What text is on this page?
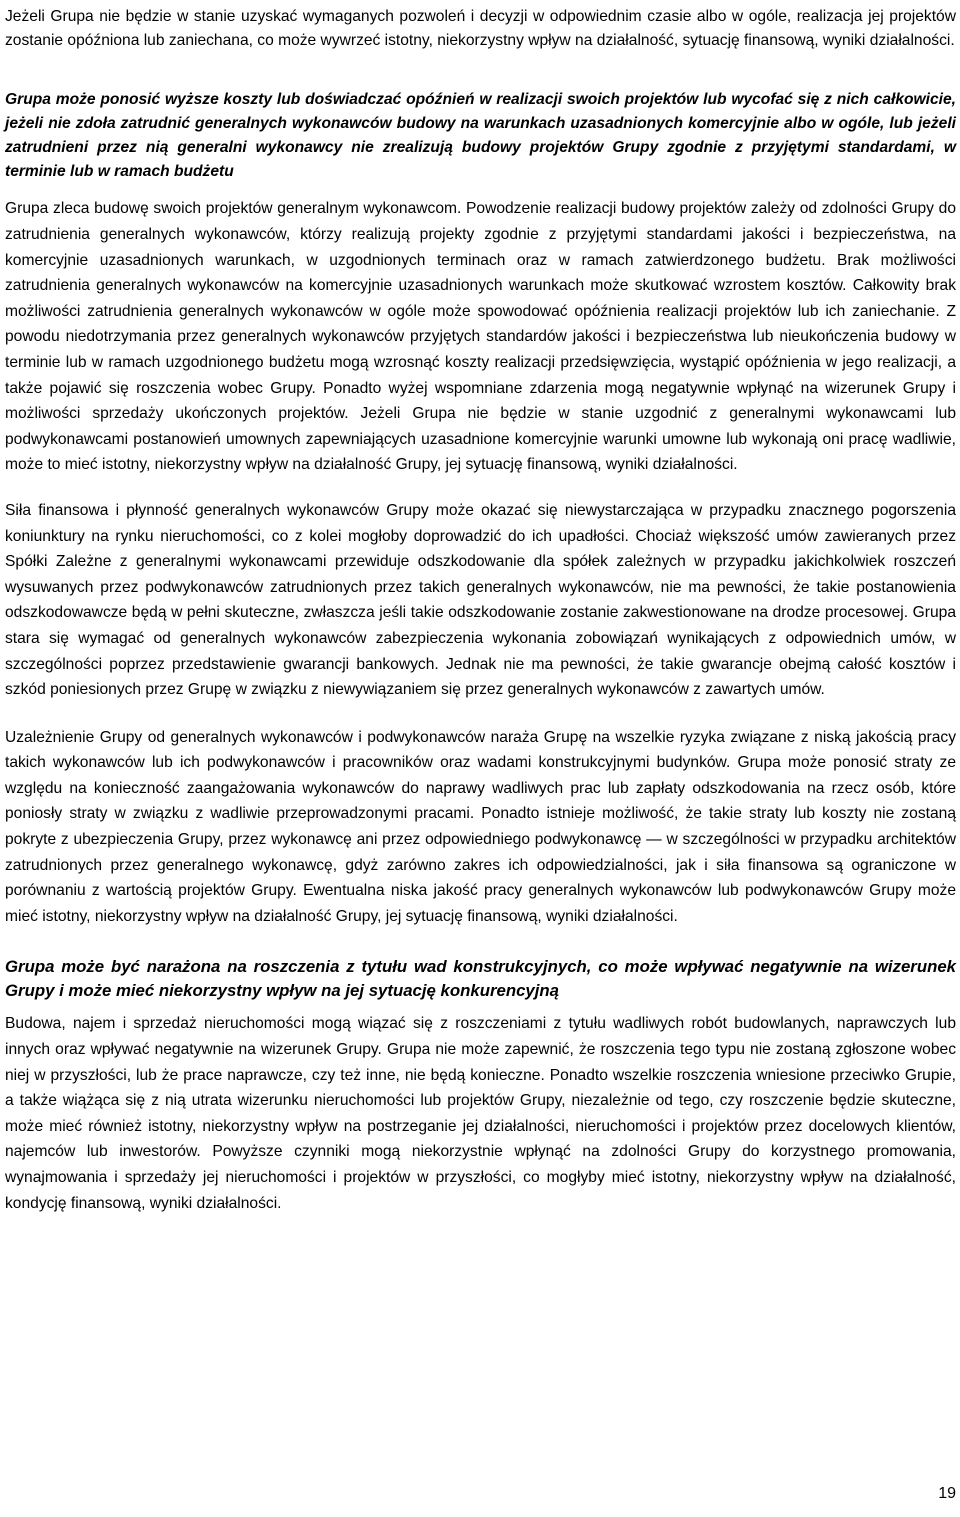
Jeżeli Grupa nie będzie w stanie uzyskać wymaganych pozwoleń i decyzji w odpowiednim czasie albo w ogóle, realizacja jej projektów zostanie opóźniona lub zaniechana, co może wywrzeć istotny, niekorzystny wpływ na działalność, sytuację finansową, wyniki działalności.

Grupa może ponosić wyższe koszty lub doświadczać opóźnień w realizacji swoich projektów lub wycofać się z nich całkowicie, jeżeli nie zdoła zatrudnić generalnych wykonawców budowy na warunkach uzasadnionych komercyjnie albo w ogóle, lub jeżeli zatrudnieni przez nią generalni wykonawcy nie zrealizują budowy projektów Grupy zgodnie z przyjętymi standardami, w terminie lub w ramach budżetu

Grupa zleca budowę swoich projektów generalnym wykonawcom. Powodzenie realizacji budowy projektów zależy od zdolności Grupy do zatrudnienia generalnych wykonawców, którzy realizują projekty zgodnie z przyjętymi standardami jakości i bezpieczeństwa, na komercyjnie uzasadnionych warunkach, w uzgodnionych terminach oraz w ramach zatwierdzonego budżetu. Brak możliwości zatrudnienia generalnych wykonawców na komercyjnie uzasadnionych warunkach może skutkować wzrostem kosztów. Całkowity brak możliwości zatrudnienia generalnych wykonawców w ogóle może spowodować opóźnienia realizacji projektów lub ich zaniechanie. Z powodu niedotrzymania przez generalnych wykonawców przyjętych standardów jakości i bezpieczeństwa lub nieukończenia budowy w terminie lub w ramach uzgodnionego budżetu mogą wzrosnąć koszty realizacji przedsięwzięcia, wystąpić opóźnienia w jego realizacji, a także pojawić się roszczenia wobec Grupy. Ponadto wyżej wspomniane zdarzenia mogą negatywnie wpłynąć na wizerunek Grupy i możliwości sprzedaży ukończonych projektów. Jeżeli Grupa nie będzie w stanie uzgodnić z generalnymi wykonawcami lub podwykonawcami postanowień umownych zapewniających uzasadnione komercyjnie warunki umowne lub wykonają oni pracę wadliwie, może to mieć istotny, niekorzystny wpływ na działalność Grupy, jej sytuację finansową, wyniki działalności.

Siła finansowa i płynność generalnych wykonawców Grupy może okazać się niewystarczająca w przypadku znacznego pogorszenia koniunktury na rynku nieruchomości, co z kolei mogłoby doprowadzić do ich upadłości. Chociaż większość umów zawieranych przez Spółki Zależne z generalnymi wykonawcami przewiduje odszkodowanie dla spółek zależnych w przypadku jakichkolwiek roszczeń wysuwanych przez podwykonawców zatrudnionych przez takich generalnych wykonawców, nie ma pewności, że takie postanowienia odszkodowawcze będą w pełni skuteczne, zwłaszcza jeśli takie odszkodowanie zostanie zakwestionowane na drodze procesowej. Grupa stara się wymagać od generalnych wykonawców zabezpieczenia wykonania zobowiązań wynikających z odpowiednich umów, w szczególności poprzez przedstawienie gwarancji bankowych. Jednak nie ma pewności, że takie gwarancje obejmą całość kosztów i szkód poniesionych przez Grupę w związku z niewywiązaniem się przez generalnych wykonawców z zawartych umów.

Uzależnienie Grupy od generalnych wykonawców i podwykonawców naraża Grupę na wszelkie ryzyka związane z niską jakością pracy takich wykonawców lub ich podwykonawców i pracowników oraz wadami konstrukcyjnymi budynków. Grupa może ponosić straty ze względu na konieczność zaangażowania wykonawców do naprawy wadliwych prac lub zapłaty odszkodowania na rzecz osób, które poniosły straty w związku z wadliwie przeprowadzonymi pracami. Ponadto istnieje możliwość, że takie straty lub koszty nie zostaną pokryte z ubezpieczenia Grupy, przez wykonawcę ani przez odpowiedniego podwykonawcę — w szczególności w przypadku architektów zatrudnionych przez generalnego wykonawcę, gdyż zarówno zakres ich odpowiedzialności, jak i siła finansowa są ograniczone w porównaniu z wartością projektów Grupy. Ewentualna niska jakość pracy generalnych wykonawców lub podwykonawców Grupy może mieć istotny, niekorzystny wpływ na działalność Grupy, jej sytuację finansową, wyniki działalności.

Grupa może być narażona na roszczenia z tytułu wad konstrukcyjnych, co może wpływać negatywnie na wizerunek Grupy i może mieć niekorzystny wpływ na jej sytuację konkurencyjną

Budowa, najem i sprzedaż nieruchomości mogą wiązać się z roszczeniami z tytułu wadliwych robót budowlanych, naprawczych lub innych oraz wpływać negatywnie na wizerunek Grupy. Grupa nie może zapewnić, że roszczenia tego typu nie zostaną zgłoszone wobec niej w przyszłości, lub że prace naprawcze, czy też inne, nie będą konieczne. Ponadto wszelkie roszczenia wniesione przeciwko Grupie, a także wiążąca się z nią utrata wizerunku nieruchomości lub projektów Grupy, niezależnie od tego, czy roszczenie będzie skuteczne, może mieć również istotny, niekorzystny wpływ na postrzeganie jej działalności, nieruchomości i projektów przez docelowych klientów, najemców lub inwestorów. Powyższe czynniki mogą niekorzystnie wpłynąć na zdolności Grupy do korzystnego promowania, wynajmowania i sprzedaży jej nieruchomości i projektów w przyszłości, co mogłyby mieć istotny, niekorzystny wpływ na działalność, kondycję finansową, wyniki działalności.

19
